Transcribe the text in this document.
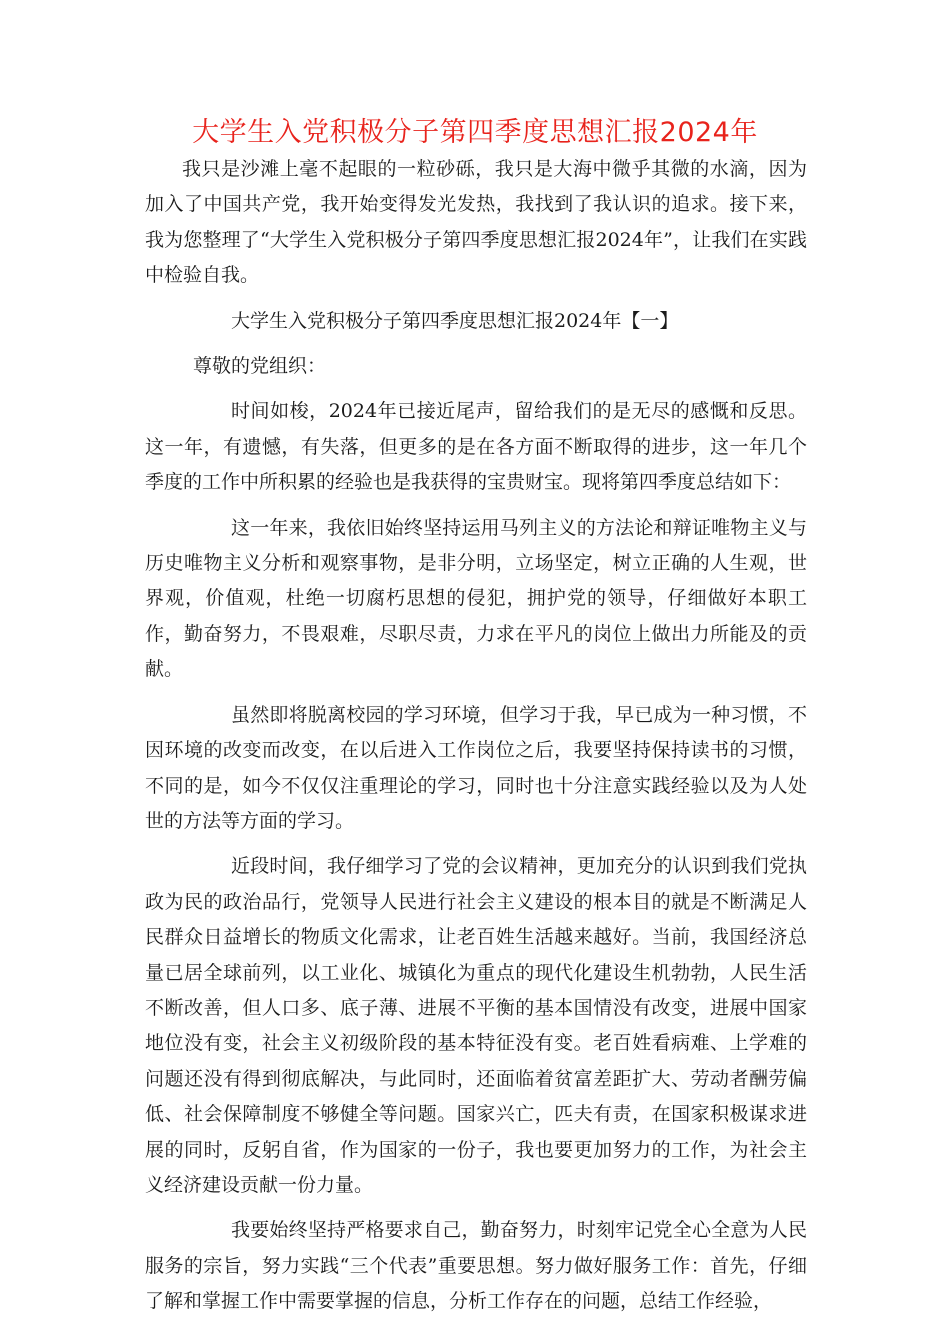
大学生入党积极分子第四季度思想汇报2024年

我只是沙滩上毫不起眼的一粒砂砾，我只是大海中微乎其微的水滴，因为加入了中国共产党，我开始变得发光发热，我找到了我认识的追求。接下来，我为您整理了“大学生入党积极分子第四季度思想汇报2024年”，让我们在实践中检验自我。

大学生入党积极分子第四季度思想汇报2024年【一】

尊敬的党组织：

时间如梭，2024年已接近尾声，留给我们的是无尽的感慨和反思。这一年，有遗憾，有失落，但更多的是在各方面不断取得的进步，这一年几个季度的工作中所积累的经验也是我获得的宝贵财宝。现将第四季度总结如下：

这一年来，我依旧始终坚持运用马列主义的方法论和辩证唯物主义与历史唯物主义分析和观察事物，是非分明，立场坚定，树立正确的人生观，世界观，价值观，杜绝一切腐朽思想的侵犯，拥护党的领导，仔细做好本职工作，勤奋努力，不畏艰难，尽职尽责，力求在平凡的岗位上做出力所能及的贡献。

虽然即将脱离校园的学习环境，但学习于我，早已成为一种习惯，不因环境的改变而改变，在以后进入工作岗位之后，我要坚持保持读书的习惯，不同的是，如今不仅仅注重理论的学习，同时也十分注意实践经验以及为人处世的方法等方面的学习。

近段时间，我仔细学习了党的会议精神，更加充分的认识到我们党执政为民的政治品行，党领导人民进行社会主义建设的根本目的就是不断满足人民群众日益增长的物质文化需求，让老百姓生活越来越好。当前，我国经济总量已居全球前列，以工业化、城镇化为重点的现代化建设生机勃勃，人民生活不断改善，但人口多、底子薄、进展不平衡的基本国情没有改变，进展中国家地位没有变，社会主义初级阶段的基本特征没有变。老百姓看病难、上学难的问题还没有得到彻底解决，与此同时，还面临着贫富差距扩大、劳动者酬劳偏低、社会保障制度不够健全等问题。国家兴亡，匹夫有责，在国家积极谋求进展的同时，反躬自省，作为国家的一份子，我也要更加努力的工作，为社会主义经济建设贡献一份力量。

我要始终坚持严格要求自己，勤奋努力，时刻牢记党全心全意为人民服务的宗旨，努力实践“三个代表”重要思想。努力做好服务工作：首先，仔细了解和掌握工作中需要掌握的信息，分析工作存在的问题，总结工作经验，
